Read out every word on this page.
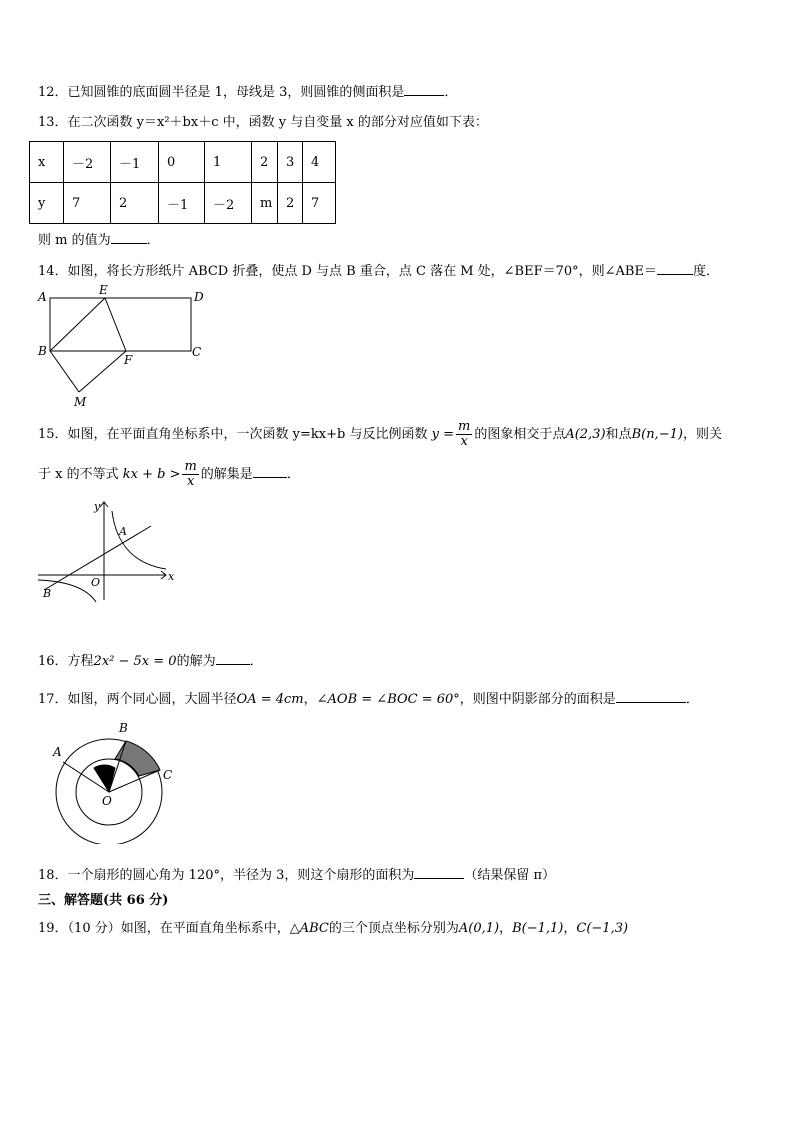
12．已知圆锥的底面圆半径是 1，母线是 3，则圆锥的侧面积是	．
13．在二次函数 y＝x²＋bx＋c 中，函数 y 与自变量 x 的部分对应值如下表：
x	－2	－1	0	1	2	3	4
y	7	2	－1	－2	m	2	7
则 m 的值为	．
14．如图，将长方形纸片 ABCD 折叠，使点 D 与点 B 重合，点 C 落在 M 处，∠BEF＝70°，则∠ABE＝	度．
A	E	D
B
F
C
M
15．如图，在平面直角坐标系中，一次函数 y=kx+b 与反比例函数 $y = \frac{m}{x}$ 的图象相交于点A(2,3)和点B(n,−1)，则关
于 x 的不等式 kx + $b > \frac{m}{x}$ 的解集是	．
y
x
O
A
B
16．方程2x² − 5x = 0的解为	．
17．如图，两个同心圆，大圆半径OA = 4cm，∠AOB = ∠BOC = 60°，则图中阴影部分的面积是	．
A
B
C
O
18．一个扇形的圆心角为 120°，半径为 3，则这个扇形的面积为	（结果保留 π）
三、解答题(共 66 分)
19．（10 分）如图，在平面直角坐标系中，△ABC的三个顶点坐标分别为A(0,1)，B(−1,1)，C(−1,3)
